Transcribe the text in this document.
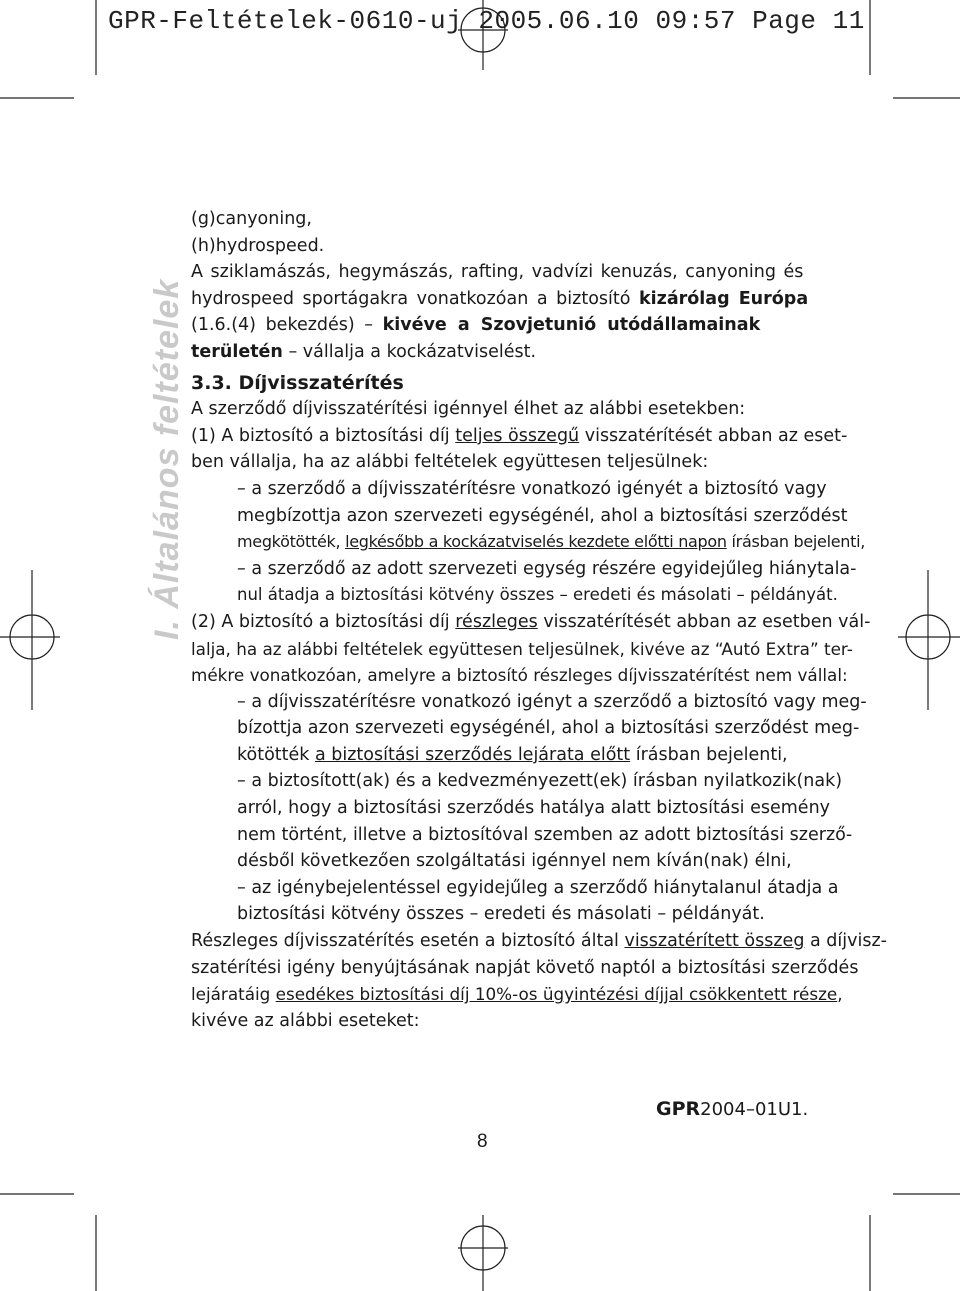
GPR-Feltételek-0610-uj 2005.06.10 09:57 Page 11
I. Általános feltételek
(g)canyoning,
(h)hydrospeed.
A sziklamászás, hegymászás, rafting, vadvízi kenuzás, canyoning és
hydrospeed sportágakra vonatkozóan a biztosító kizárólag Európa
(1.6.(4) bekezdés) – kivéve a Szovjetunió utódállamainak
területén – vállalja a kockázatviselést.
3.3. Díjvisszatérítés
A szerződő díjvisszatérítési igénnyel élhet az alábbi esetekben:
(1) A biztosító a biztosítási díj teljes összegű visszatérítését abban az eset-
ben vállalja, ha az alábbi feltételek együttesen teljesülnek:
– a szerződő a díjvisszatérítésre vonatkozó igényét a biztosító vagy
megbízottja azon szervezeti egységénél, ahol a biztosítási szerződést
megkötötték, legkésőbb a kockázatviselés kezdete előtti napon írásban bejelenti,
– a szerződő az adott szervezeti egység részére egyidejűleg hiánytala-
nul átadja a biztosítási kötvény összes – eredeti és másolati – példányát.
(2) A biztosító a biztosítási díj részleges visszatérítését abban az esetben vál-
lalja, ha az alábbi feltételek együttesen teljesülnek, kivéve az “Autó Extra” ter-
mékre vonatkozóan, amelyre a biztosító részleges díjvisszatérítést nem vállal:
– a díjvisszatérítésre vonatkozó igényt a szerződő a biztosító vagy meg-
bízottja azon szervezeti egységénél, ahol a biztosítási szerződést meg-
kötötték a biztosítási szerződés lejárata előtt írásban bejelenti,
– a biztosított(ak) és a kedvezményezett(ek) írásban nyilatkozik(nak)
arról, hogy a biztosítási szerződés hatálya alatt biztosítási esemény
nem történt, illetve a biztosítóval szemben az adott biztosítási szerző-
désből következően szolgáltatási igénnyel nem kíván(nak) élni,
– az igénybejelentéssel egyidejűleg a szerződő hiánytalanul átadja a
biztosítási kötvény összes – eredeti és másolati – példányát.
Részleges díjvisszatérítés esetén a biztosító által visszatérített összeg a díjvisz-
szatérítési igény benyújtásának napját követő naptól a biztosítási szerződés
lejáratáig esedékes biztosítási díj 10%-os ügyintézési díjjal csökkentett része,
kivéve az alábbi eseteket:
GPR2004–01U1.
8
